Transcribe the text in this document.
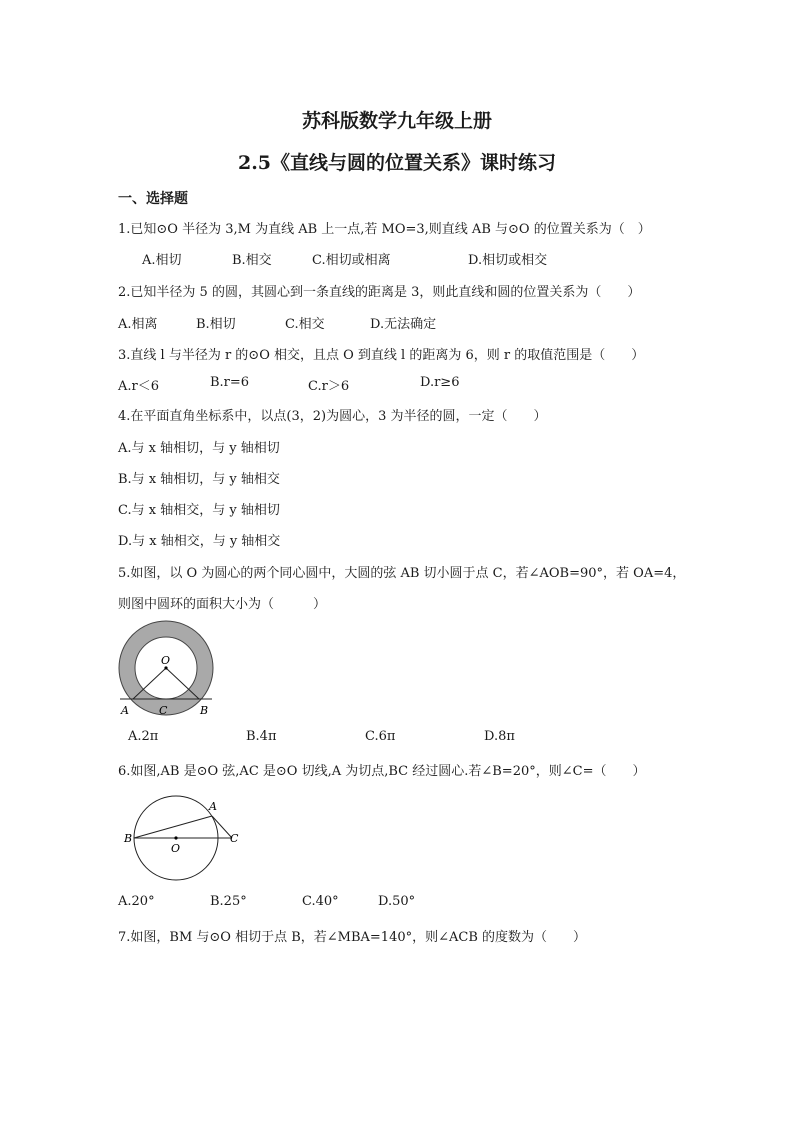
苏科版数学九年级上册
2.5《直线与圆的位置关系》课时练习
一、选择题
1.已知⊙O 半径为 3,M 为直线 AB 上一点,若 MO=3,则直线 AB 与⊙O 的位置关系为（　）
A.相切	B.相交	C.相切或相离	D.相切或相交
2.已知半径为 5 的圆，其圆心到一条直线的距离是 3，则此直线和圆的位置关系为（　　）
A.相离	B.相切	C.相交	D.无法确定
3.直线 l 与半径为 r 的⊙O 相交，且点 O 到直线 l 的距离为 6，则 r 的取值范围是（　　）
A.r＜6	B.r=6	C.r＞6	D.r≥6
4.在平面直角坐标系中，以点(3，2)为圆心，3 为半径的圆，一定（　　）
A.与 x 轴相切，与 y 轴相切
B.与 x 轴相切，与 y 轴相交
C.与 x 轴相交，与 y 轴相切
D.与 x 轴相交，与 y 轴相交
5.如图，以 O 为圆心的两个同心圆中，大圆的弦 AB 切小圆于点 C，若∠AOB=90°，若 OA=4，
则图中圆环的面积大小为（　　　）
O
A	C	B
A.2π	B.4π	C.6π	D.8π
6.如图,AB 是⊙O 弦,AC 是⊙O 切线,A 为切点,BC 经过圆心.若∠B=20°，则∠C=（　　）
O
A
B	C
A.20°	B.25°	C.40°	D.50°
7.如图，BM 与⊙O 相切于点 B，若∠MBA=140°，则∠ACB 的度数为（　　）
